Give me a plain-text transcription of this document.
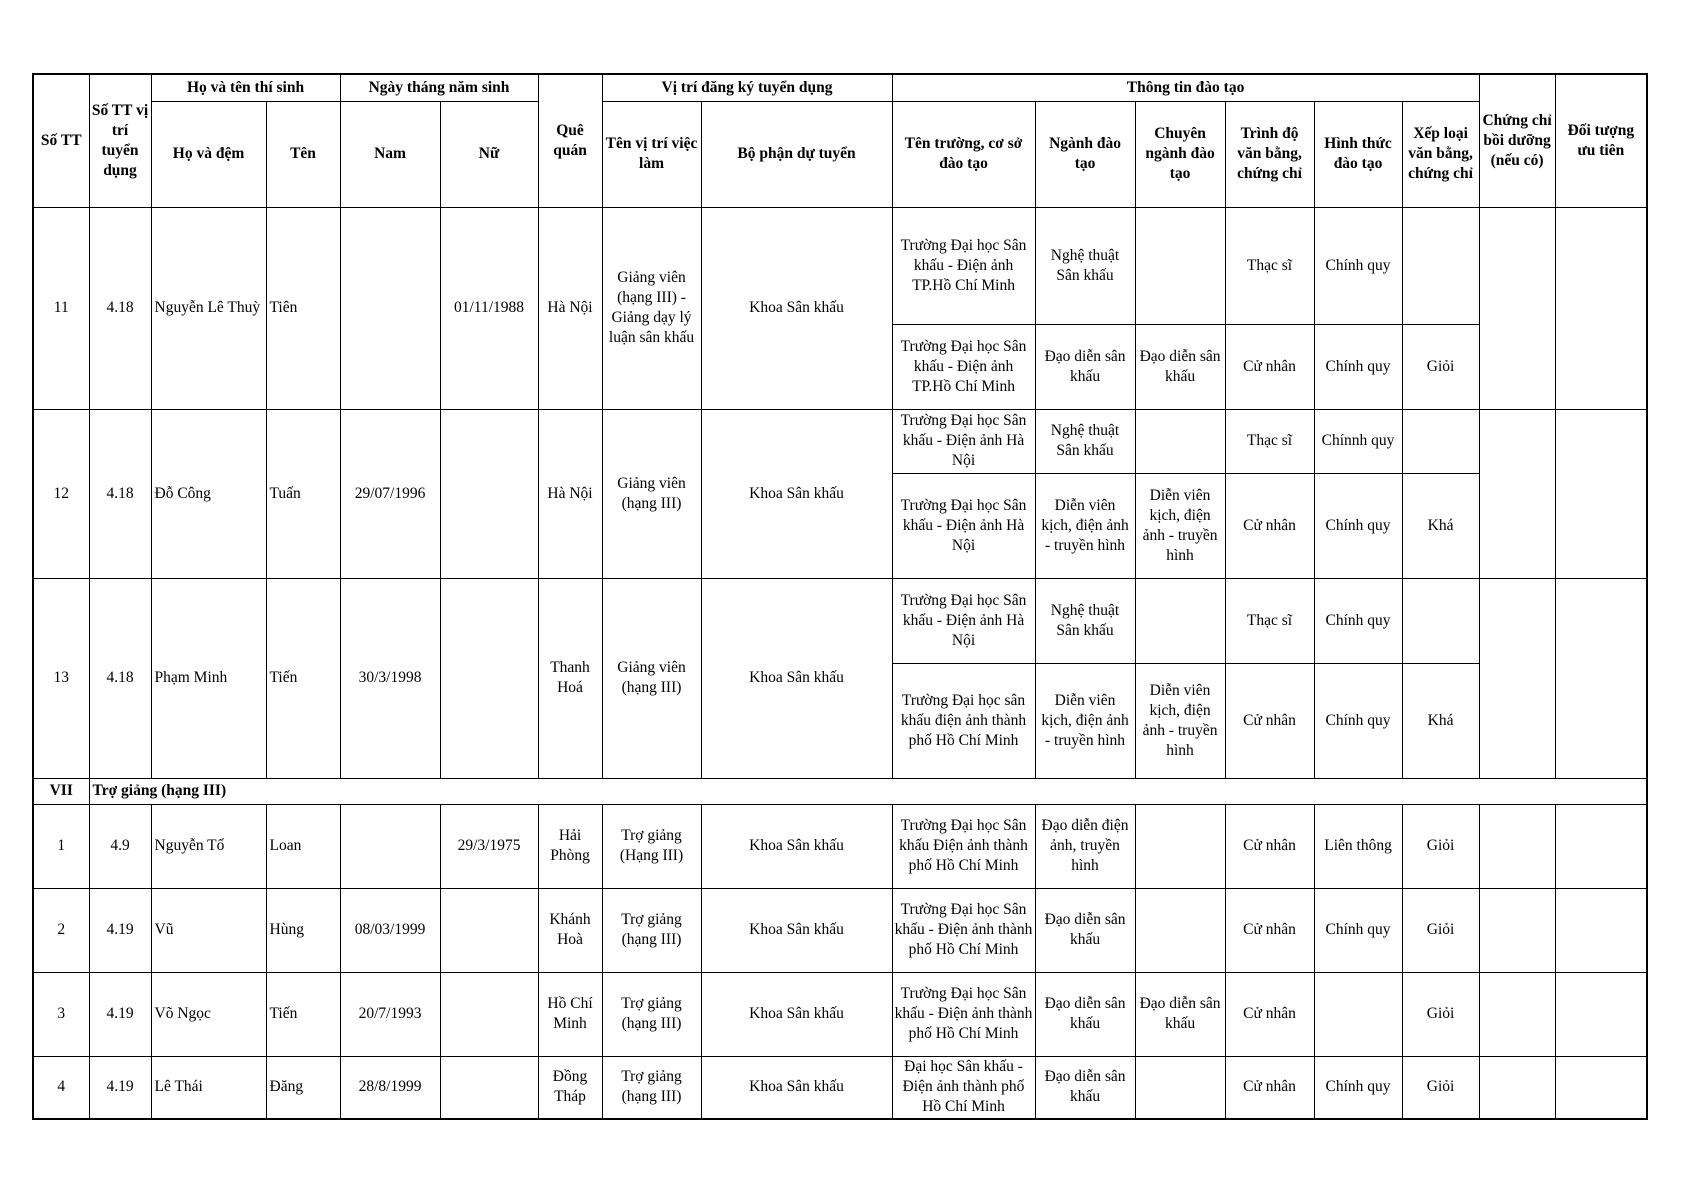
Số TT	Số TT vị trí tuyển dụng	Họ và tên thí sinh		Ngày tháng năm sinh		Quê quán	Vị trí đăng ký tuyển dụng		Thông tin đào tạo						Chứng chỉ bồi dưỡng (nếu có)	Đối tượng ưu tiên
		Họ và đệm	Tên	Nam	Nữ		Tên vị trí việc làm	Bộ phận dự tuyển	Tên trường, cơ sở đào tạo	Ngành đào tạo	Chuyên ngành đào tạo	Trình độ văn bằng, chứng chỉ	Hình thức đào tạo	Xếp loại văn bằng, chứng chỉ		
11	4.18	Nguyễn Lê Thuỳ	Tiên		01/11/1988	Hà Nội	Giảng viên (hạng III) - Giảng dạy lý luận sân khấu	Khoa Sân khấu	Trường Đại học Sân khấu - Điện ảnh TP.Hồ Chí Minh	Nghệ thuật Sân khấu		Thạc sĩ	Chính quy			
									Trường Đại học Sân khấu - Điện ảnh TP.Hồ Chí Minh	Đạo diễn sân khấu	Đạo diễn sân khấu	Cử nhân	Chính quy	Giỏi		
12	4.18	Đỗ Công	Tuấn	29/07/1996		Hà Nội	Giảng viên (hạng III)	Khoa Sân khấu	Trường Đại học Sân khấu - Điện ảnh Hà Nội	Nghệ thuật Sân khấu		Thạc sĩ	Chínnh quy			
									Trường Đại học Sân khấu - Điện ảnh Hà Nội	Diễn viên kịch, điện ảnh - truyền hình	Diễn viên kịch, điện ảnh - truyền hình	Cử nhân	Chính quy	Khá		
13	4.18	Phạm Minh	Tiến	30/3/1998		Thanh Hoá	Giảng viên (hạng III)	Khoa Sân khấu	Trường Đại học Sân khấu - Điện ảnh Hà Nội	Nghệ thuật Sân khấu		Thạc sĩ	Chính quy			
									Trường Đại học sân khấu điện ảnh thành phố Hồ Chí Minh	Diễn viên kịch, điện ảnh - truyền hình	Diễn viên kịch, điện ảnh - truyền hình	Cử nhân	Chính quy	Khá		
VII	Trợ giảng (hạng III)															
1	4.9	Nguyễn Tố	Loan		29/3/1975	Hải Phòng	Trợ giảng (Hạng III)	Khoa Sân khấu	Trường Đại học Sân khấu Điện ảnh thành phố Hồ Chí Minh	Đạo diễn điện ảnh, truyền hình		Cử nhân	Liên thông	Giỏi		
2	4.19	Vũ	Hùng	08/03/1999		Khánh Hoà	Trợ giảng (hạng III)	Khoa Sân khấu	Trường Đại học Sân khấu - Điện ảnh thành phố Hồ Chí Minh	Đạo diễn sân khấu		Cử nhân	Chính quy	Giỏi		
3	4.19	Võ Ngọc	Tiến	20/7/1993		Hồ Chí Minh	Trợ giảng (hạng III)	Khoa Sân khấu	Trường Đại học Sân khấu - Điện ảnh thành phố Hồ Chí Minh	Đạo diễn sân khấu	Đạo diễn sân khấu	Cử nhân		Giỏi		
4	4.19	Lê Thái	Đăng	28/8/1999		Đồng Tháp	Trợ giảng (hạng III)	Khoa Sân khấu	Đại học Sân khấu - Điện ảnh thành phố Hồ Chí Minh	Đạo diễn sân khấu		Cử nhân	Chính quy	Giỏi		
